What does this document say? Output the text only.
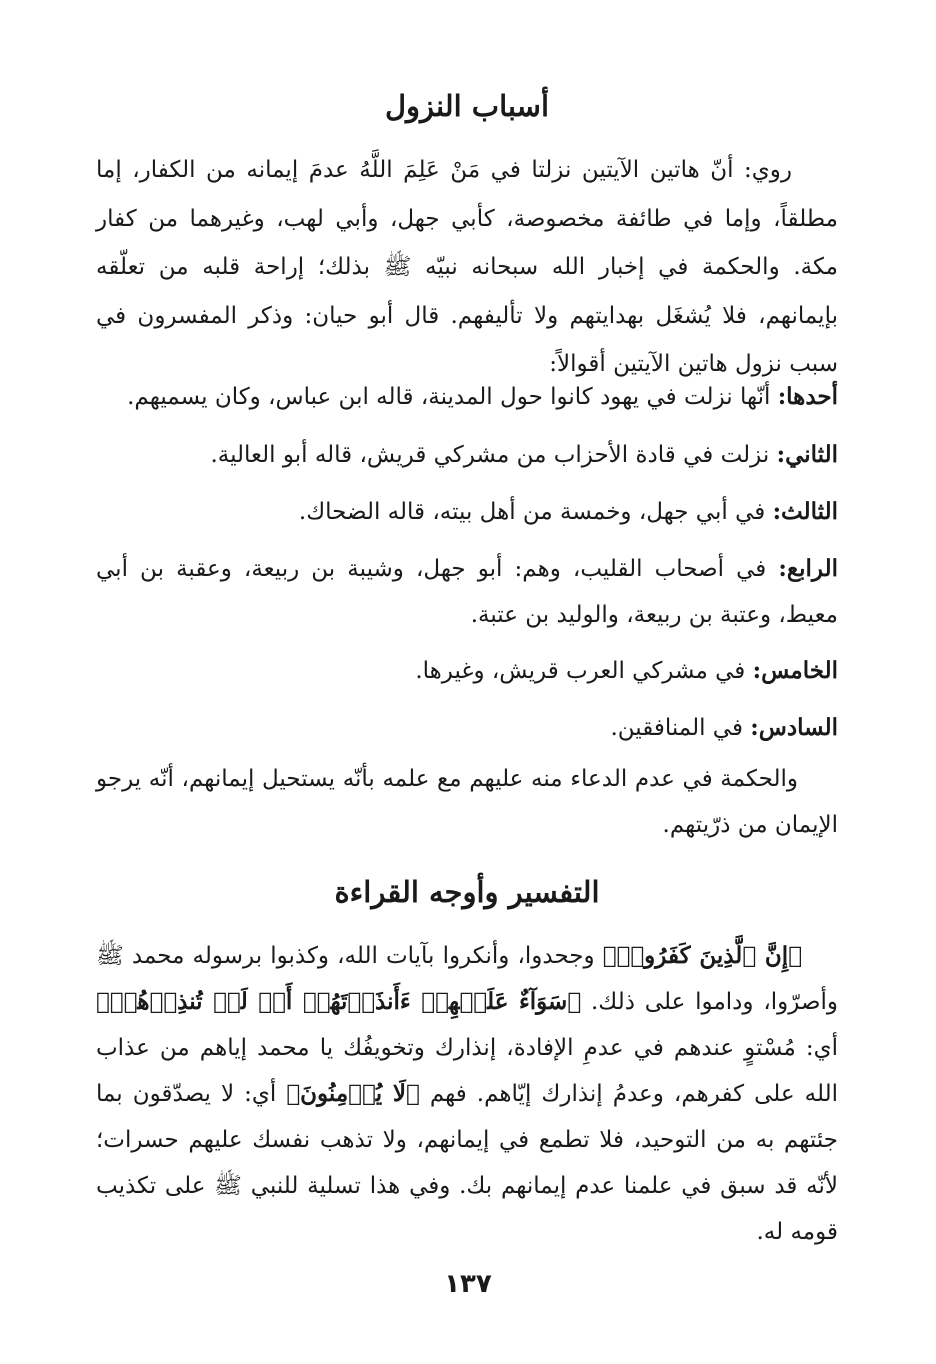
أسباب النزول

روي: أنّ هاتين الآيتين نزلتا في مَنْ عَلِمَ اللَّهُ عدمَ إيمانه من الكفار، إما مطلقاً، وإما في طائفة مخصوصة، كأبي جهل، وأبي لهب، وغيرهما من كفار مكة. والحكمة في إخبار الله سبحانه نبيّه ﷺ بذلك؛ إراحة قلبه من تعلّقه بإيمانهم، فلا يُشغَل بهدايتهم ولا تأليفهم. قال أبو حيان: وذكر المفسرون في سبب نزول هاتين الآيتين أقوالاً:

أحدها: أنّها نزلت في يهود كانوا حول المدينة، قاله ابن عباس، وكان يسميهم.

الثاني: نزلت في قادة الأحزاب من مشركي قريش، قاله أبو العالية.

الثالث: في أبي جهل، وخمسة من أهل بيته، قاله الضحاك.

الرابع: في أصحاب القليب، وهم: أبو جهل، وشيبة بن ربيعة، وعقبة بن أبي معيط، وعتبة بن ربيعة، والوليد بن عتبة.

الخامس: في مشركي العرب قريش، وغيرها.

السادس: في المنافقين.

والحكمة في عدم الدعاء منه عليهم مع علمه بأنّه يستحيل إيمانهم، أنّه يرجو الإيمان من ذرّيتهم.

التفسير وأوجه القراءة

﴿إِنَّ ٱلَّذِينَ كَفَرُوا۟﴾ وجحدوا، وأنكروا بآيات الله، وكذبوا برسوله محمد ﷺ وأصرّوا، وداموا على ذلك. ﴿سَوَآءٌ عَلَيۡهِمۡ ءَأَنذَرۡتَهُمۡ أَمۡ لَمۡ تُنذِرۡهُمۡ﴾ أي: مُسْتوٍ عندهم في عدمِ الإفادة، إنذارك وتخويفُك يا محمد إياهم من عذاب الله على كفرهم، وعدمُ إنذارك إيّاهم. فهم ﴿لَا يُؤۡمِنُونَ﴾ أي: لا يصدّقون بما جئتهم به من التوحيد، فلا تطمع في إيمانهم، ولا تذهب نفسك عليهم حسرات؛ لأنّه قد سبق في علمنا عدم إيمانهم بك. وفي هذا تسلية للنبي ﷺ على تكذيب قومه له.

١٣٧
